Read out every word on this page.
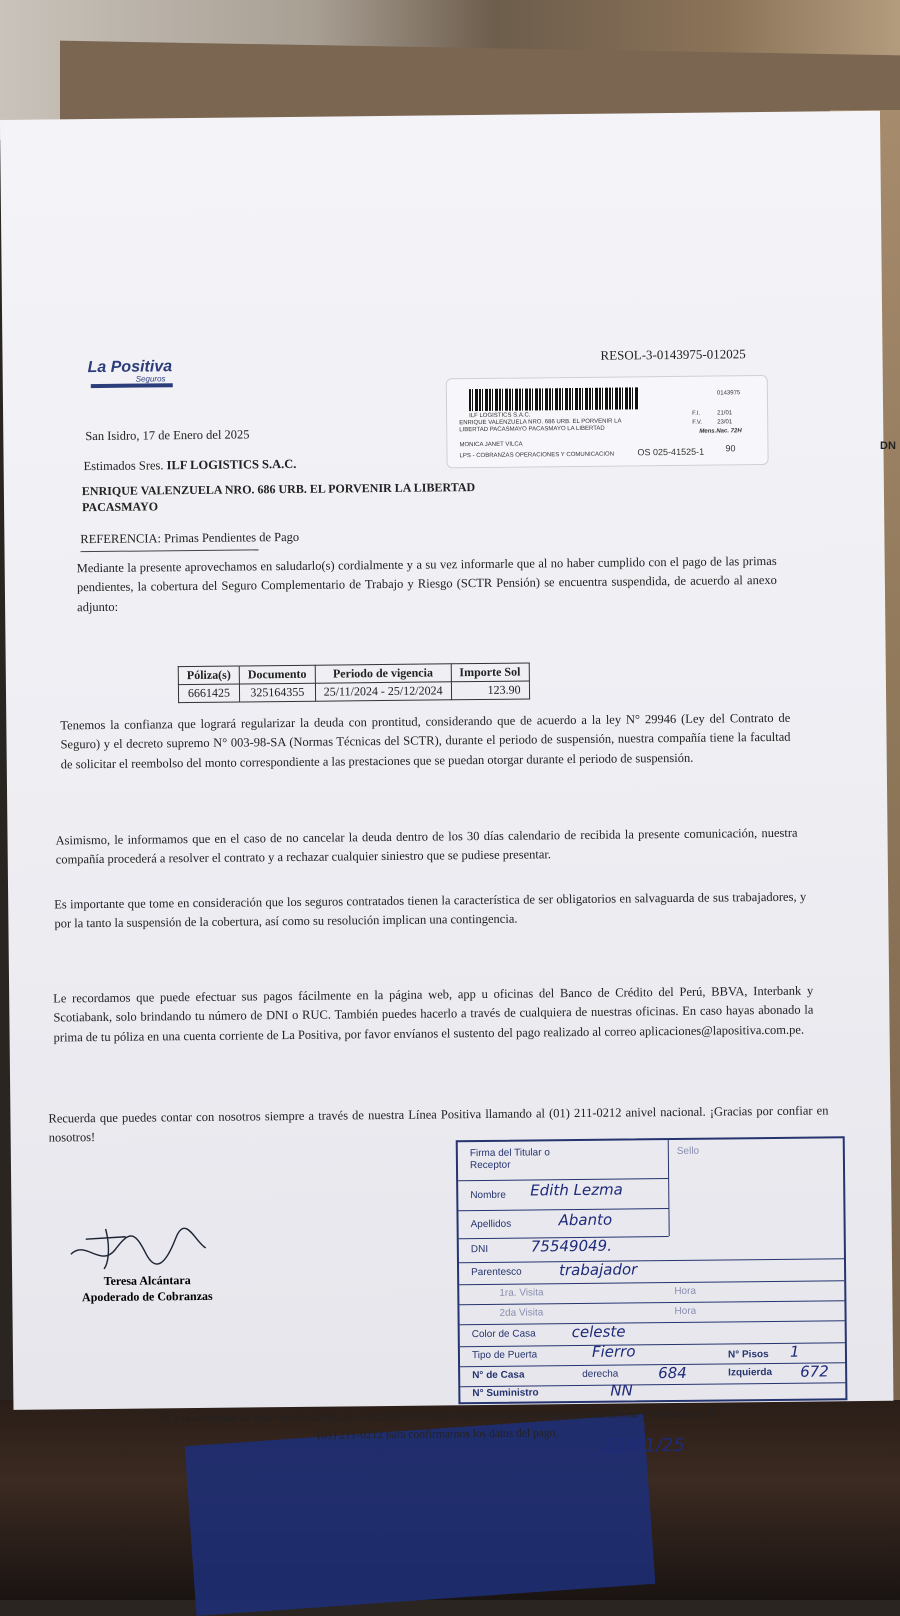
La Positiva
Seguros
RESOL-3-0143975-012025
ILF LOGISTICS S.A.C.
ENRIQUE VALENZUELA NRO. 686 URB. EL PORVENIR LA
LIBERTAD PACASMAYO PACASMAYO LA LIBERTAD
0143975
F.I.	21/01
F.V.	23/01
Mens.Nac. 72H
MONICA JANET VILCA
LPS - COBRANZAS OPERACIONES Y COMUNICACION	OS 025-41525-1 90
San Isidro, 17 de Enero del 2025
Estimados Sres. ILF LOGISTICS S.A.C.
ENRIQUE VALENZUELA NRO. 686 URB. EL PORVENIR LA LIBERTAD PACASMAYO
REFERENCIA: Primas Pendientes de Pago
Mediante la presente aprovechamos en saludarlo(s) cordialmente y a su vez informarle que al no haber cumplido con el pago de las primas pendientes, la cobertura del Seguro Complementario de Trabajo y Riesgo (SCTR Pensión) se encuentra suspendida, de acuerdo al anexo adjunto:
Póliza(s)	Documento	Periodo de vigencia	Importe Sol
6661425	325164355	25/11/2024 - 25/12/2024	123.90
Tenemos la confianza que logrará regularizar la deuda con prontitud, considerando que de acuerdo a la ley N° 29946 (Ley del Contrato de Seguro) y el decreto supremo N° 003-98-SA (Normas Técnicas del SCTR), durante el periodo de suspensión, nuestra compañía tiene la facultad de solicitar el reembolso del monto correspondiente a las prestaciones que se puedan otorgar durante el periodo de suspensión.
Asimismo, le informamos que en el caso de no cancelar la deuda dentro de los 30 días calendario de recibida la presente comunicación, nuestra compañía procederá a resolver el contrato y a rechazar cualquier siniestro que se pudiese presentar.
Es importante que tome en consideración que los seguros contratados tienen la característica de ser obligatorios en salvaguarda de sus trabajadores, y por la tanto la suspensión de la cobertura, así como su resolución implican una contingencia.
Le recordamos que puede efectuar sus pagos fácilmente en la página web, app u oficinas del Banco de Crédito del Perú, BBVA, Interbank y Scotiabank, solo brindando tu número de DNI o RUC. También puedes hacerlo a través de cualquiera de nuestras oficinas. En caso hayas abonado la prima de tu póliza en una cuenta corriente de La Positiva, por favor envíanos el sustento del pago realizado al correo aplicaciones@lapositiva.com.pe.
Recuerda que puedes contar con nosotros siempre a través de nuestra Línea Positiva llamando al (01) 211-0212 anivel nacional. ¡Gracias por confiar en nosotros!
Teresa Alcántara
Apoderado de Cobranzas
Sello
Firma del Titular o Receptor
Nombre Edith Lezma
Apellidos	Abanto
DNI	75549049.
Parentesco trabajador
1ra. Visita	Hora
2da Visita	Hora
Color de Casa celeste
Tipo de Puerta	Fierro	N° Pisos 1
N° de Casa	derecha	684	Izquierda 672
N° Suministro	NN
Si a la recepción de esta comunicación, ya cancelaste tu deuda, te pedimos hacer caso omiso a la misma y comunícate al
(01) 211-0212 para confirmarnos los datos del pago.
21/01/25
DN
